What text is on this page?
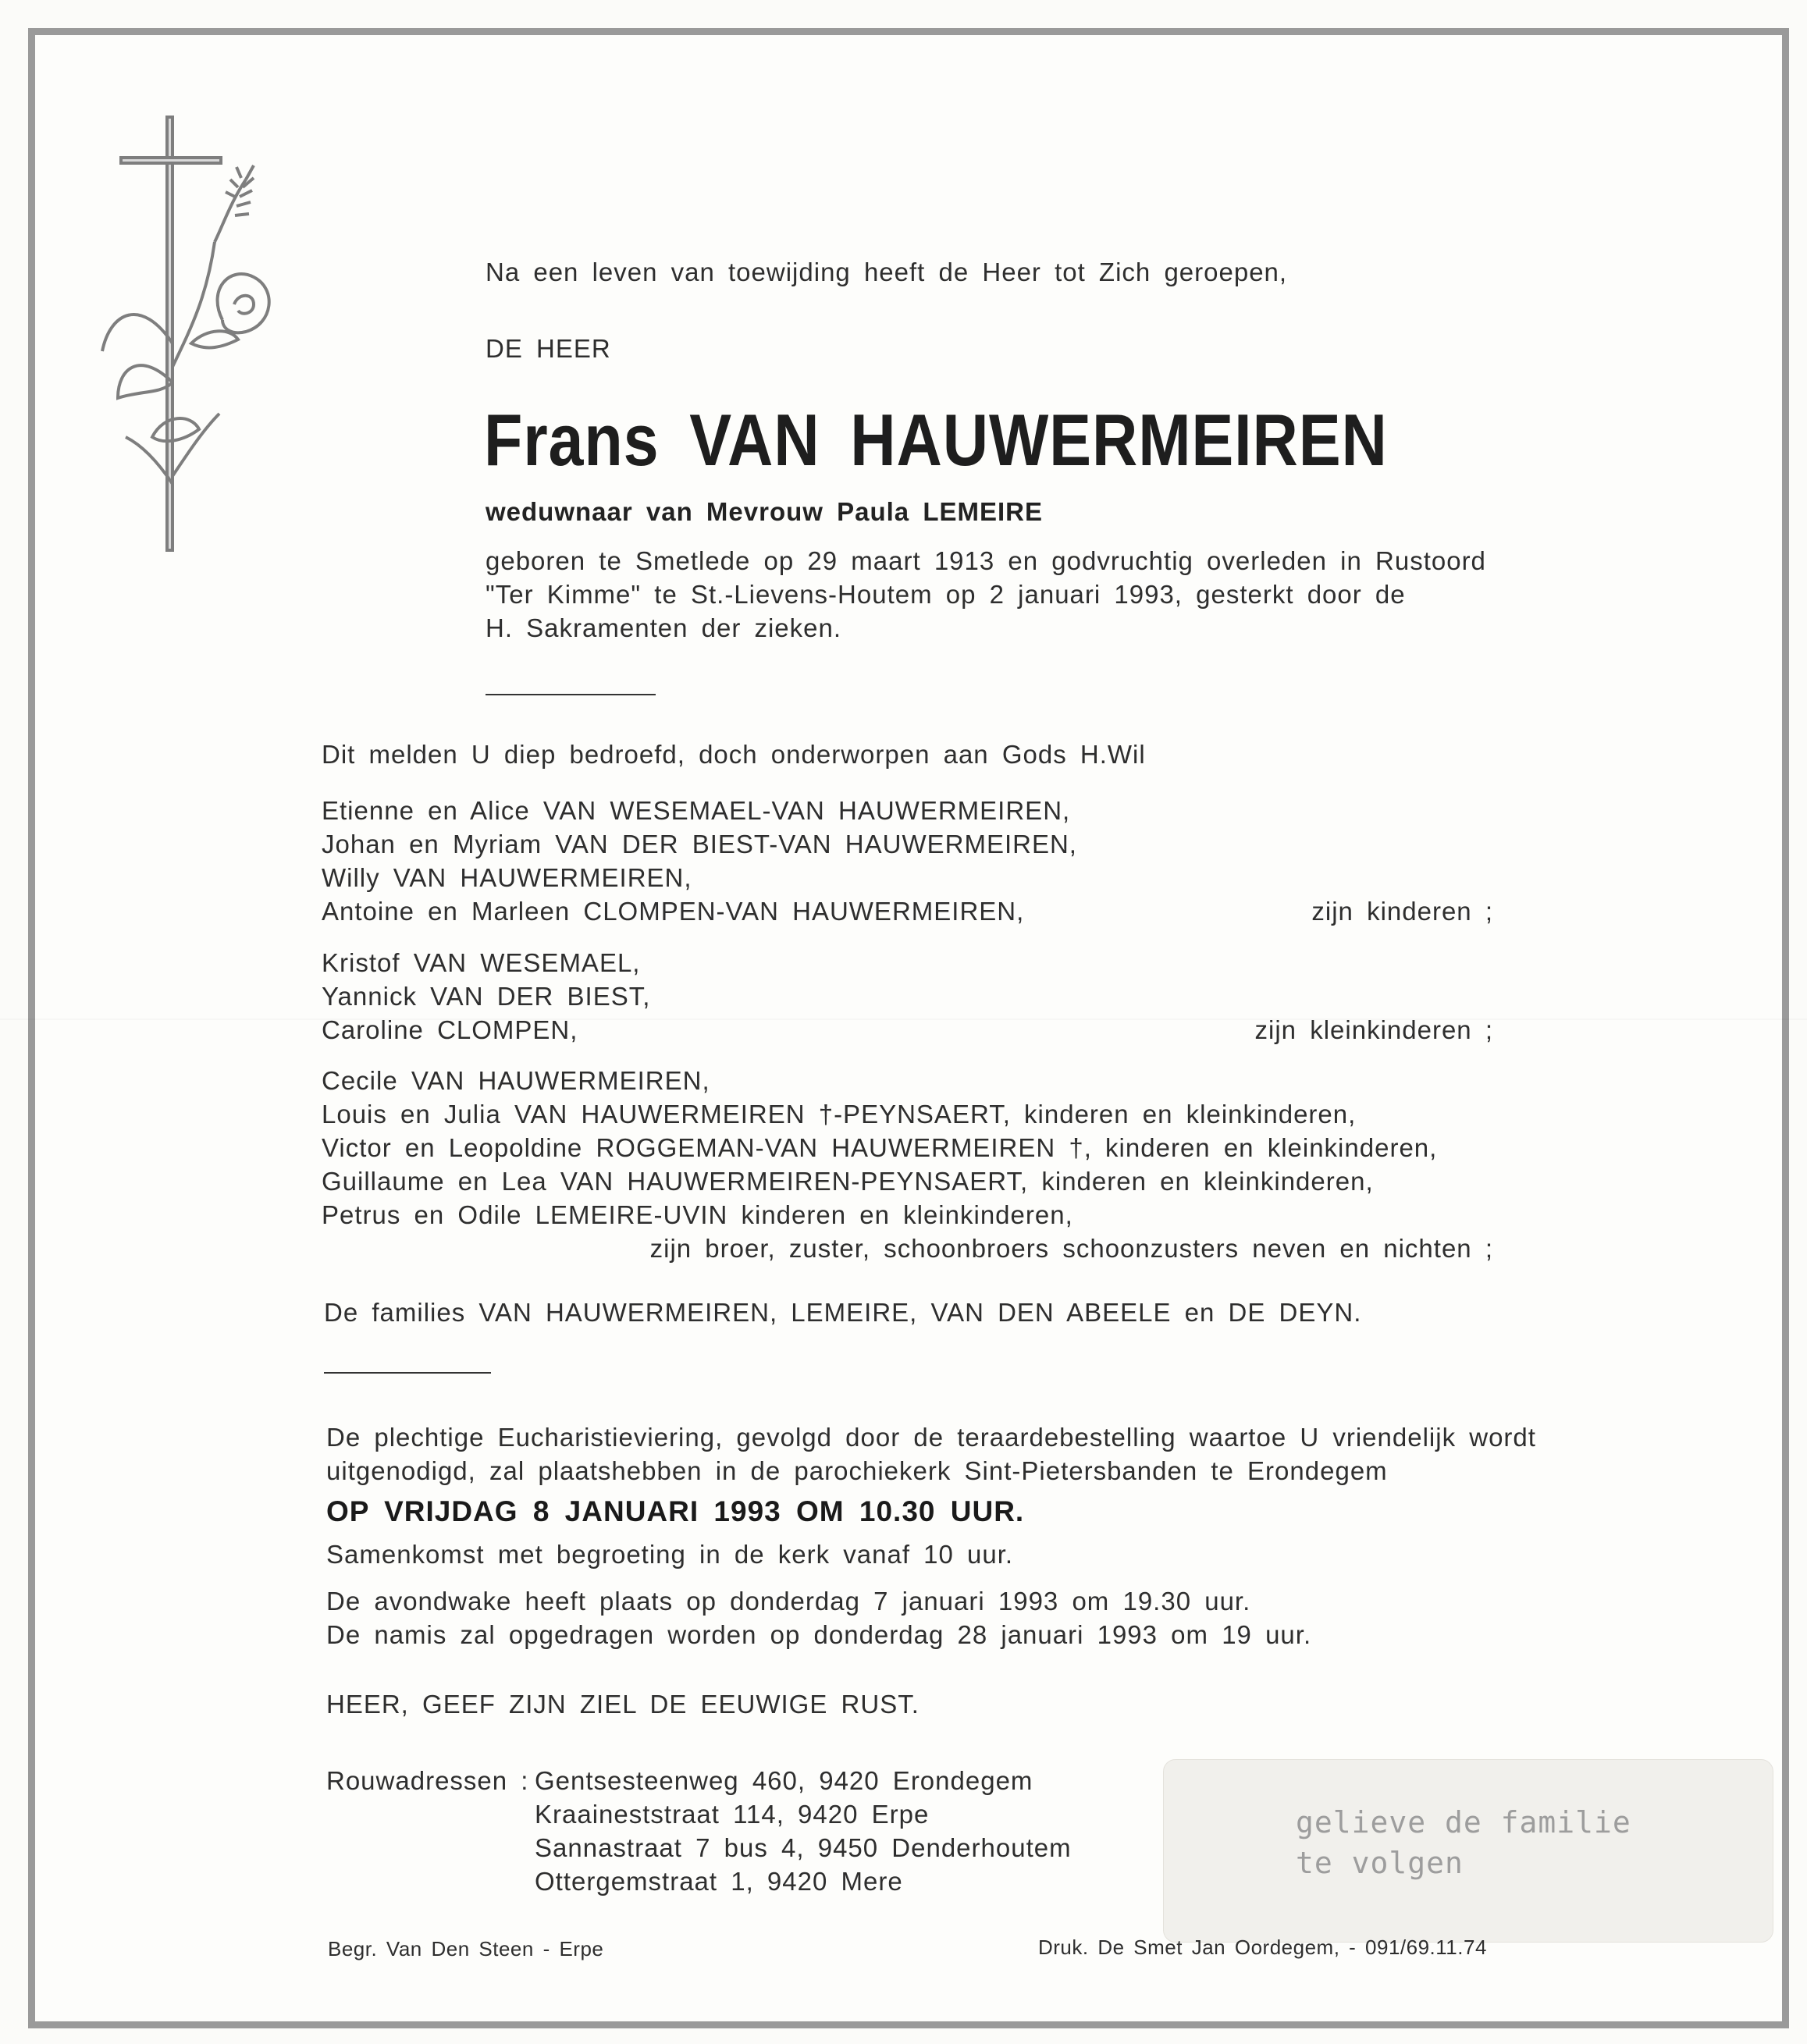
Na een leven van toewijding heeft de Heer tot Zich geroepen,
DE HEER
Frans VAN HAUWERMEIREN
weduwnaar van Mevrouw Paula LEMEIRE
geboren te Smetlede op 29 maart 1913 en godvruchtig overleden in Rustoord
"Ter Kimme" te St.-Lievens-Houtem op 2 januari 1993, gesterkt door de
H. Sakramenten der zieken.
Dit melden U diep bedroefd, doch onderworpen aan Gods H.Wil
Etienne en Alice VAN WESEMAEL-VAN HAUWERMEIREN,
Johan en Myriam VAN DER BIEST-VAN HAUWERMEIREN,
Willy VAN HAUWERMEIREN,
Antoine en Marleen CLOMPEN-VAN HAUWERMEIREN,	zijn kinderen ;
Kristof VAN WESEMAEL,
Yannick VAN DER BIEST,
Caroline CLOMPEN,	zijn kleinkinderen ;
Cecile VAN HAUWERMEIREN,
Louis en Julia VAN HAUWERMEIREN †-PEYNSAERT, kinderen en kleinkinderen,
Victor en Leopoldine ROGGEMAN-VAN HAUWERMEIREN †, kinderen en kleinkinderen,
Guillaume en Lea VAN HAUWERMEIREN-PEYNSAERT, kinderen en kleinkinderen,
Petrus en Odile LEMEIRE-UVIN kinderen en kleinkinderen,
zijn broer, zuster, schoonbroers schoonzusters neven en nichten ;
De families VAN HAUWERMEIREN, LEMEIRE, VAN DEN ABEELE en DE DEYN.
De plechtige Eucharistieviering, gevolgd door de teraardebestelling waartoe U vriendelijk wordt
uitgenodigd, zal plaatshebben in de parochiekerk Sint-Pietersbanden te Erondegem
OP VRIJDAG 8 JANUARI 1993 OM 10.30 UUR.
Samenkomst met begroeting in de kerk vanaf 10 uur.
De avondwake heeft plaats op donderdag 7 januari 1993 om 19.30 uur.
De namis zal opgedragen worden op donderdag 28 januari 1993 om 19 uur.
HEER, GEEF ZIJN ZIEL DE EEUWIGE RUST.
Rouwadressen : Gentsesteenweg 460, 9420 Erondegem
Kraaineststraat 114, 9420 Erpe
Sannastraat 7 bus 4, 9450 Denderhoutem
Ottergemstraat 1, 9420 Mere
gelieve de familie
te volgen
Begr. Van Den Steen - Erpe	Druk. De Smet Jan Oordegem, - 091/69.11.74
